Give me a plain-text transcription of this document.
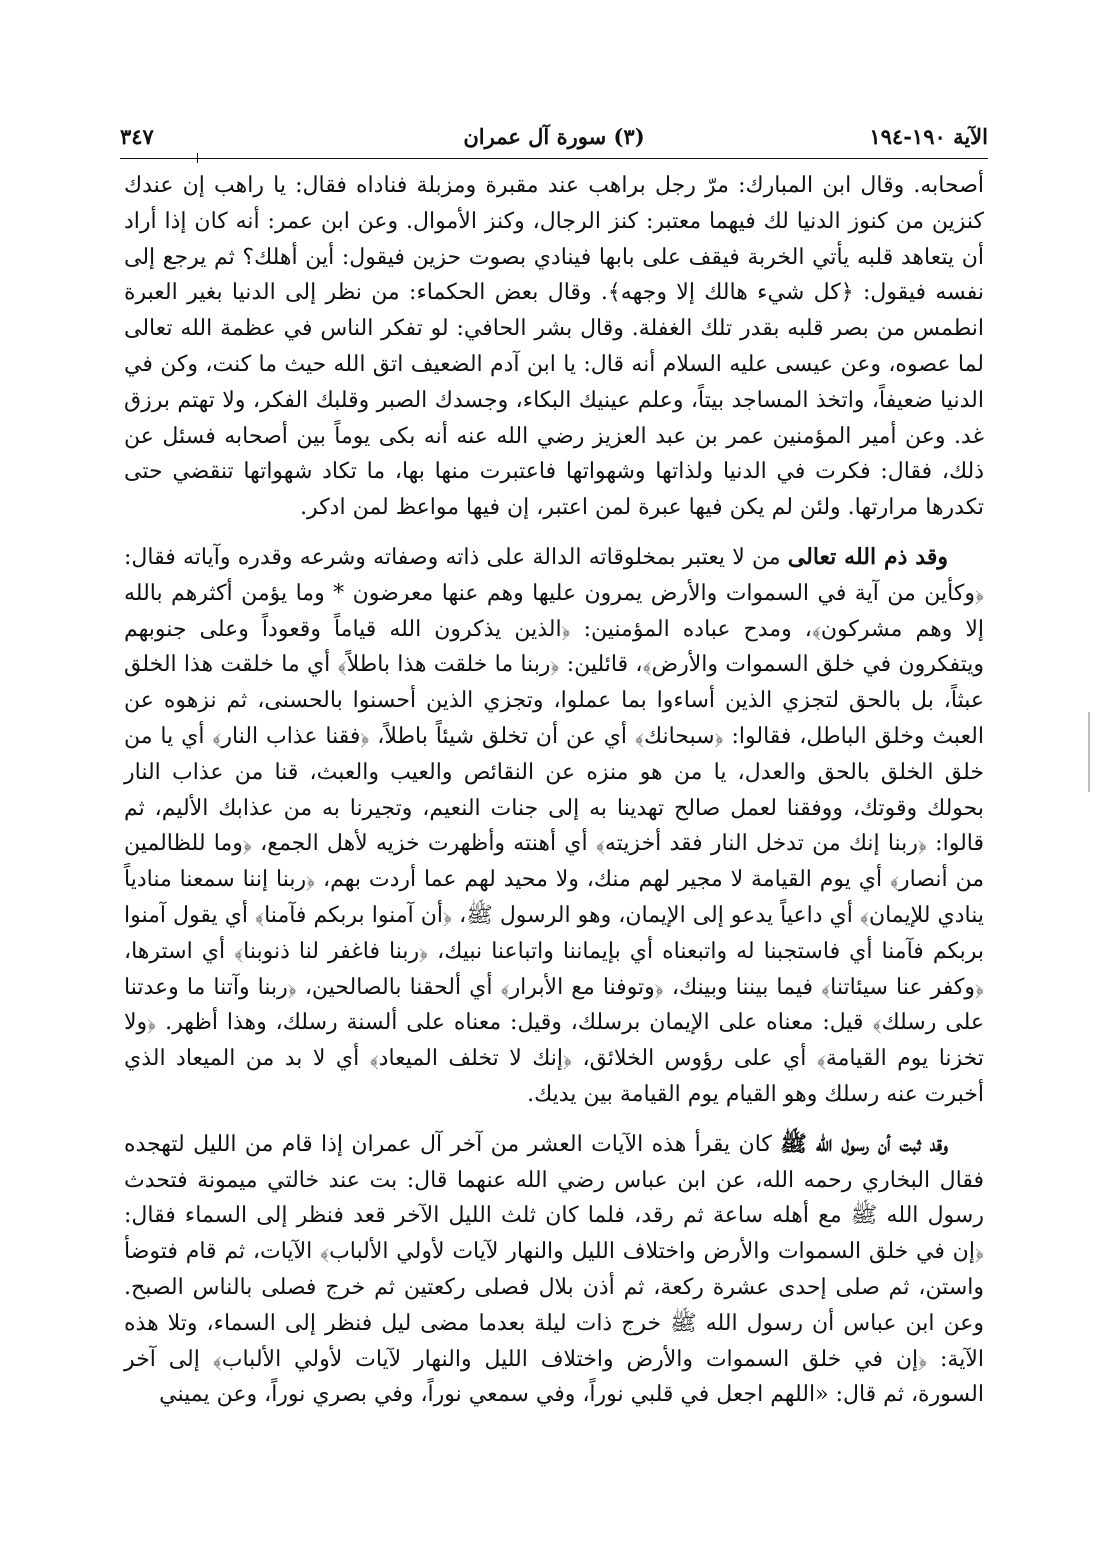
الآية ١٩٠-١٩٤
(٣) سورة آل عمران
٣٤٧

أصحابه. وقال ابن المبارك: مرّ رجل براهب عند مقبرة ومزبلة فناداه فقال: يا راهب إن عندك كنزين من كنوز الدنيا لك فيهما معتبر: كنز الرجال، وكنز الأموال. وعن ابن عمر: أنه كان إذا أراد أن يتعاهد قلبه يأتي الخربة فيقف على بابها فينادي بصوت حزين فيقول: أين أهلك؟ ثم يرجع إلى نفسه فيقول: ﴿كل شيء هالك إلا وجهه﴾. وقال بعض الحكماء: من نظر إلى الدنيا بغير العبرة انطمس من بصر قلبه بقدر تلك الغفلة. وقال بشر الحافي: لو تفكر الناس في عظمة الله تعالى لما عصوه، وعن عيسى عليه السلام أنه قال: يا ابن آدم الضعيف اتق الله حيث ما كنت، وكن في الدنيا ضعيفاً، واتخذ المساجد بيتاً، وعلم عينيك البكاء، وجسدك الصبر وقلبك الفكر، ولا تهتم برزق غد. وعن أمير المؤمنين عمر بن عبد العزيز رضي الله عنه أنه بكى يوماً بين أصحابه فسئل عن ذلك، فقال: فكرت في الدنيا ولذاتها وشهواتها فاعتبرت منها بها، ما تكاد شهواتها تنقضي حتى تكدرها مرارتها. ولئن لم يكن فيها عبرة لمن اعتبر، إن فيها مواعظ لمن ادكر.

وقد ذم الله تعالى من لا يعتبر بمخلوقاته الدالة على ذاته وصفاته وشرعه وقدره وآياته فقال: ﴿وكأين من آية في السموات والأرض يمرون عليها وهم عنها معرضون * وما يؤمن أكثرهم بالله إلا وهم مشركون﴾، ومدح عباده المؤمنين: ﴿الذين يذكرون الله قياماً وقعوداً وعلى جنوبهم ويتفكرون في خلق السموات والأرض﴾، قائلين: ﴿ربنا ما خلقت هذا باطلاً﴾ أي ما خلقت هذا الخلق عبثاً، بل بالحق لتجزي الذين أساءوا بما عملوا، وتجزي الذين أحسنوا بالحسنى، ثم نزهوه عن العبث وخلق الباطل، فقالوا: ﴿سبحانك﴾ أي عن أن تخلق شيئاً باطلاً، ﴿فقنا عذاب النار﴾ أي يا من خلق الخلق بالحق والعدل، يا من هو منزه عن النقائص والعيب والعبث، قنا من عذاب النار بحولك وقوتك، ووفقنا لعمل صالح تهدينا به إلى جنات النعيم، وتجيرنا به من عذابك الأليم، ثم قالوا: ﴿ربنا إنك من تدخل النار فقد أخزيته﴾ أي أهنته وأظهرت خزيه لأهل الجمع، ﴿وما للظالمين من أنصار﴾ أي يوم القيامة لا مجير لهم منك، ولا محيد لهم عما أردت بهم، ﴿ربنا إننا سمعنا منادياً ينادي للإيمان﴾ أي داعياً يدعو إلى الإيمان، وهو الرسول ﷺ، ﴿أن آمنوا بربكم فآمنا﴾ أي يقول آمنوا بربكم فآمنا أي فاستجبنا له واتبعناه أي بإيماننا واتباعنا نبيك، ﴿ربنا فاغفر لنا ذنوبنا﴾ أي استرها، ﴿وكفر عنا سيئاتنا﴾ فيما بيننا وبينك، ﴿وتوفنا مع الأبرار﴾ أي ألحقنا بالصالحين، ﴿ربنا وآتنا ما وعدتنا على رسلك﴾ قيل: معناه على الإيمان برسلك، وقيل: معناه على ألسنة رسلك، وهذا أظهر. ﴿ولا تخزنا يوم القيامة﴾ أي على رؤوس الخلائق، ﴿إنك لا تخلف الميعاد﴾ أي لا بد من الميعاد الذي أخبرت عنه رسلك وهو القيام يوم القيامة بين يديك.

وقد ثبت أن رسول الله ﷺ كان يقرأ هذه الآيات العشر من آخر آل عمران إذا قام من الليل لتهجده فقال البخاري رحمه الله، عن ابن عباس رضي الله عنهما قال: بت عند خالتي ميمونة فتحدث رسول الله ﷺ مع أهله ساعة ثم رقد، فلما كان ثلث الليل الآخر قعد فنظر إلى السماء فقال: ﴿إن في خلق السموات والأرض واختلاف الليل والنهار لآيات لأولي الألباب﴾ الآيات، ثم قام فتوضأ واستن، ثم صلى إحدى عشرة ركعة، ثم أذن بلال فصلى ركعتين ثم خرج فصلى بالناس الصبح. وعن ابن عباس أن رسول الله ﷺ خرج ذات ليلة بعدما مضى ليل فنظر إلى السماء، وتلا هذه الآية: ﴿إن في خلق السموات والأرض واختلاف الليل والنهار لآيات لأولي الألباب﴾ إلى آخر السورة، ثم قال: «اللهم اجعل في قلبي نوراً، وفي سمعي نوراً، وفي بصري نوراً، وعن يميني
